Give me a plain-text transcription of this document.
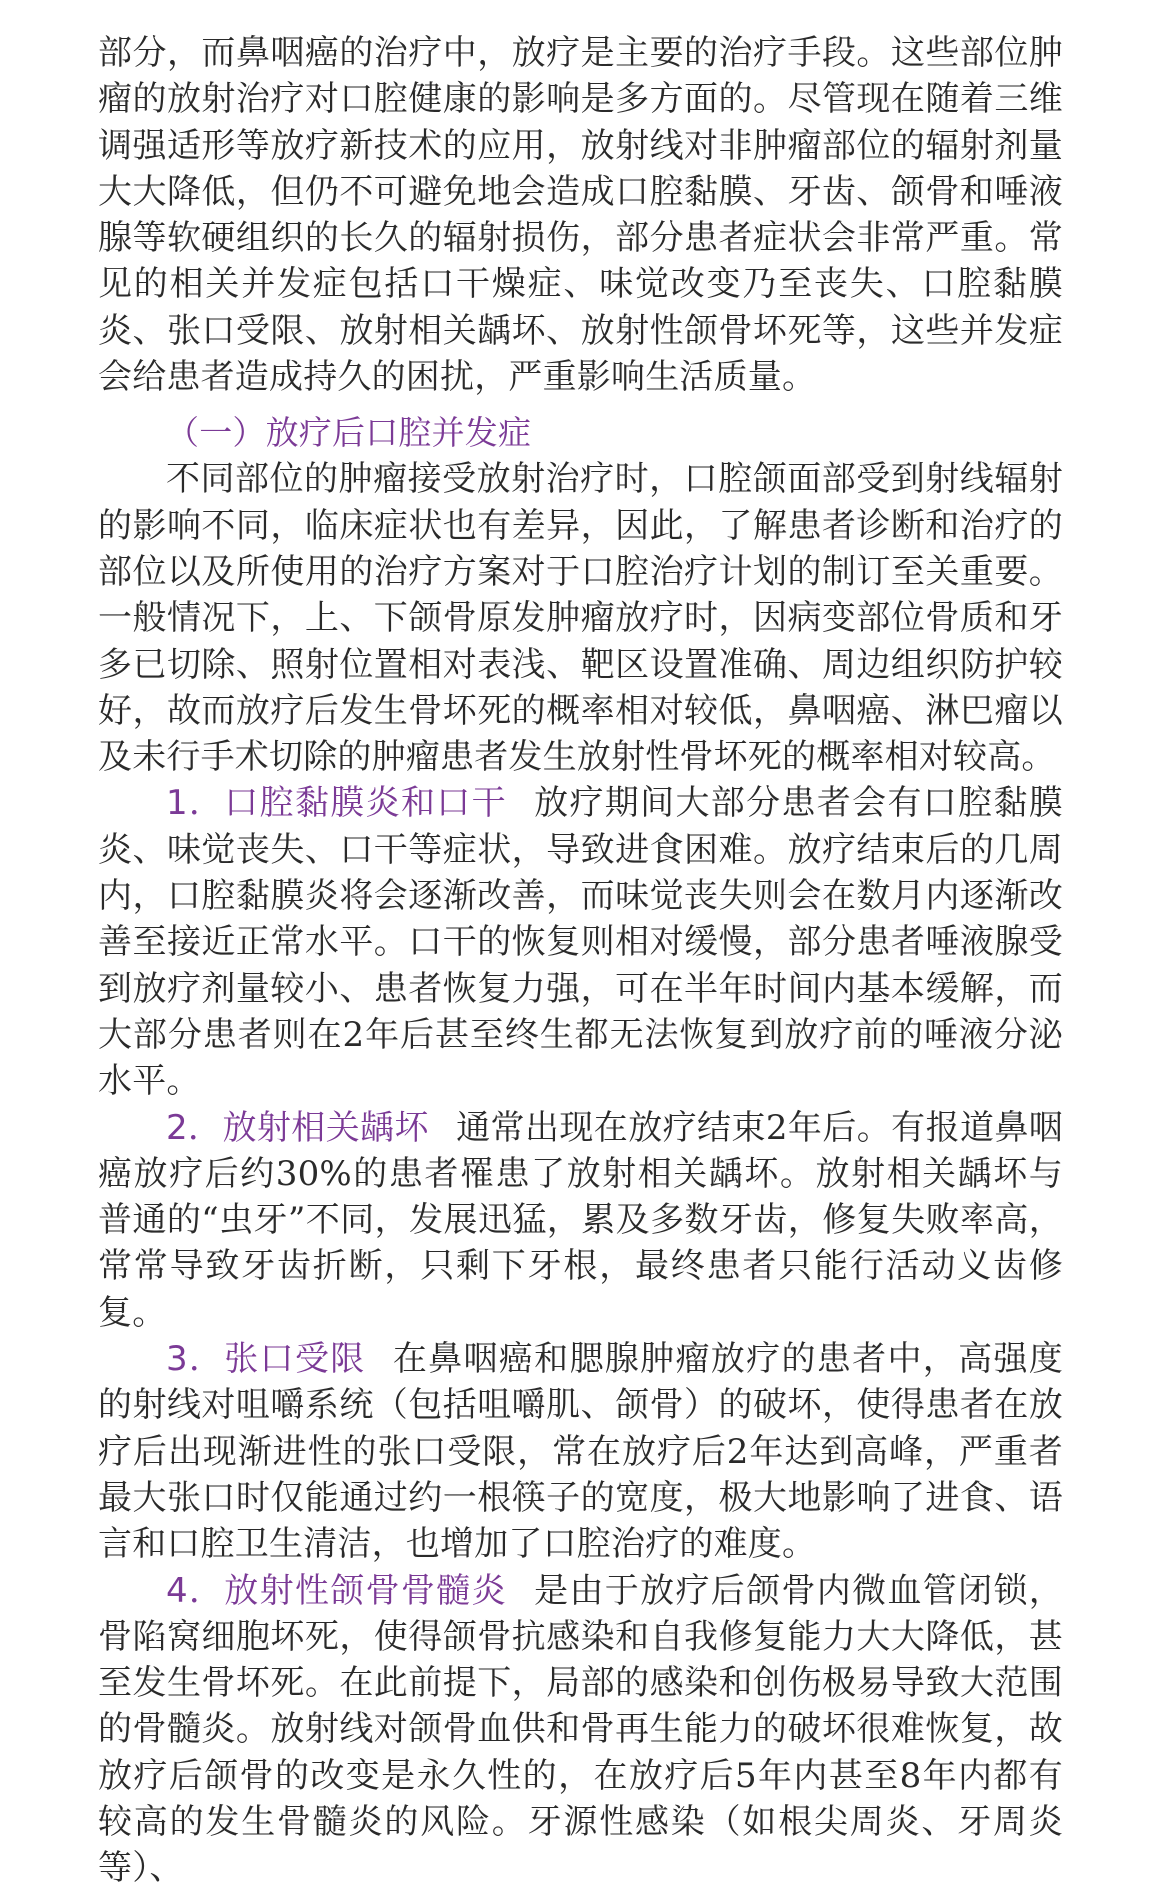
部分，而鼻咽癌的治疗中，放疗是主要的治疗手段。这些部位肿瘤的放射治疗对口腔健康的影响是多方面的。尽管现在随着三维调强适形等放疗新技术的应用，放射线对非肿瘤部位的辐射剂量大大降低，但仍不可避免地会造成口腔黏膜、牙齿、颌骨和唾液腺等软硬组织的长久的辐射损伤，部分患者症状会非常严重。常见的相关并发症包括口干燥症、味觉改变乃至丧失、口腔黏膜炎、张口受限、放射相关龋坏、放射性颌骨坏死等，这些并发症会给患者造成持久的困扰，严重影响生活质量。

（一）放疗后口腔并发症

不同部位的肿瘤接受放射治疗时，口腔颌面部受到射线辐射的影响不同，临床症状也有差异，因此，了解患者诊断和治疗的部位以及所使用的治疗方案对于口腔治疗计划的制订至关重要。一般情况下，上、下颌骨原发肿瘤放疗时，因病变部位骨质和牙多已切除、照射位置相对表浅、靶区设置准确、周边组织防护较好，故而放疗后发生骨坏死的概率相对较低，鼻咽癌、淋巴瘤以及未行手术切除的肿瘤患者发生放射性骨坏死的概率相对较高。

1．口腔黏膜炎和口干 放疗期间大部分患者会有口腔黏膜炎、味觉丧失、口干等症状，导致进食困难。放疗结束后的几周内，口腔黏膜炎将会逐渐改善，而味觉丧失则会在数月内逐渐改善至接近正常水平。口干的恢复则相对缓慢，部分患者唾液腺受到放疗剂量较小、患者恢复力强，可在半年时间内基本缓解，而大部分患者则在2年后甚至终生都无法恢复到放疗前的唾液分泌水平。

2．放射相关龋坏 通常出现在放疗结束2年后。有报道鼻咽癌放疗后约30%的患者罹患了放射相关龋坏。放射相关龋坏与普通的“虫牙”不同，发展迅猛，累及多数牙齿，修复失败率高，常常导致牙齿折断，只剩下牙根，最终患者只能行活动义齿修复。

3．张口受限 在鼻咽癌和腮腺肿瘤放疗的患者中，高强度的射线对咀嚼系统（包括咀嚼肌、颌骨）的破坏，使得患者在放疗后出现渐进性的张口受限，常在放疗后2年达到高峰，严重者最大张口时仅能通过约一根筷子的宽度，极大地影响了进食、语言和口腔卫生清洁，也增加了口腔治疗的难度。

4．放射性颌骨骨髓炎 是由于放疗后颌骨内微血管闭锁，骨陷窝细胞坏死，使得颌骨抗感染和自我修复能力大大降低，甚至发生骨坏死。在此前提下，局部的感染和创伤极易导致大范围的骨髓炎。放射线对颌骨血供和骨再生能力的破坏很难恢复，故放疗后颌骨的改变是永久性的，在放疗后5年内甚至8年内都有较高的发生骨髓炎的风险。牙源性感染（如根尖周炎、牙周炎等）、
